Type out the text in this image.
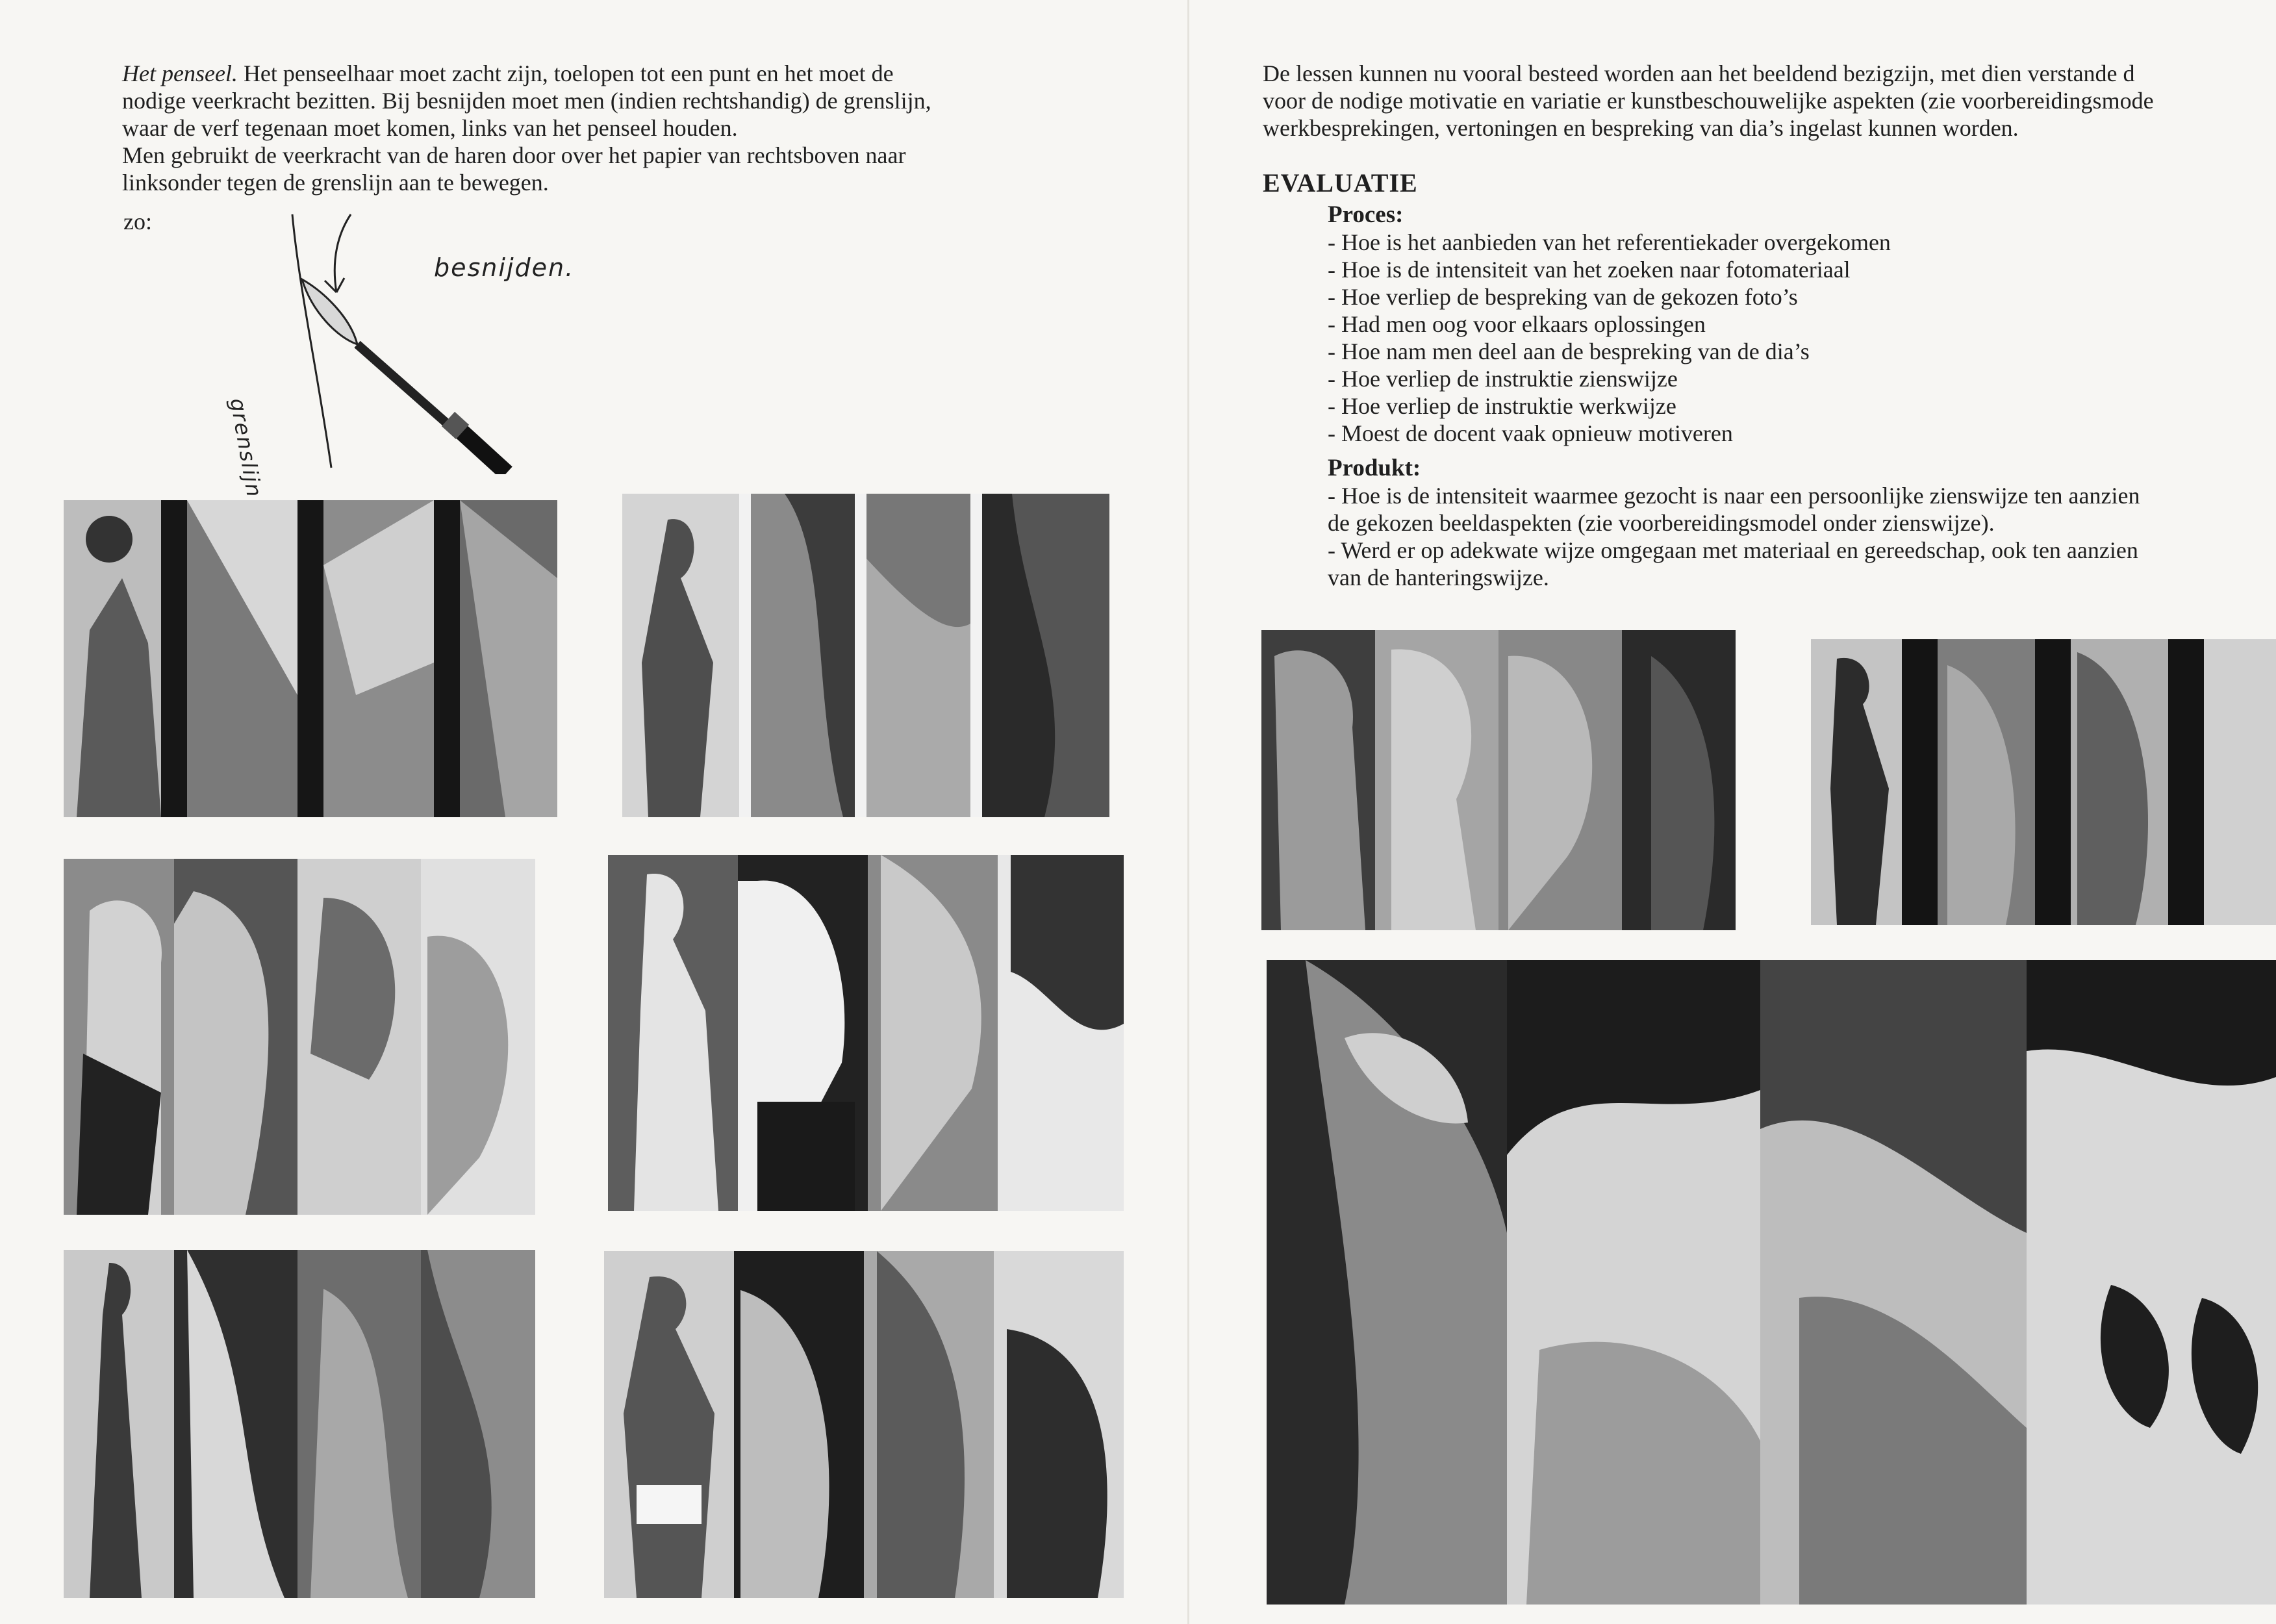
Het penseel. Het penseelhaar moet zacht zijn, toelopen tot een punt en het moet de

nodige veerkracht bezitten. Bij besnijden moet men (indien rechtshandig) de grenslijn,

waar de verf tegenaan moet komen, links van het penseel houden.

Men gebruikt de veerkracht van de haren door over het papier van rechtsboven naar

linksonder tegen de grenslijn aan te bewegen.

zo:
besnijden.
grenslijn

De lessen kunnen nu vooral besteed worden aan het beeldend bezigzijn, met dien verstande d

voor de nodige motivatie en variatie er kunstbeschouwelijke aspekten (zie voorbereidingsmode

werkbesprekingen, vertoningen en bespreking van dia’s ingelast kunnen worden.

EVALUATIE

Proces:

- Hoe is het aanbieden van het referentiekader overgekomen

- Hoe is de intensiteit van het zoeken naar fotomateriaal

- Hoe verliep de bespreking van de gekozen foto’s

- Had men oog voor elkaars oplossingen

- Hoe nam men deel aan de bespreking van de dia’s

- Hoe verliep de instruktie zienswijze

- Hoe verliep de instruktie werkwijze

- Moest de docent vaak opnieuw motiveren

Produkt:

- Hoe is de intensiteit waarmee gezocht is naar een persoonlijke zienswijze ten aanzien

de gekozen beeldaspekten (zie voorbereidingsmodel onder zienswijze).

- Werd er op adekwate wijze omgegaan met materiaal en gereedschap, ook ten aanzien

van de hanteringswijze.
